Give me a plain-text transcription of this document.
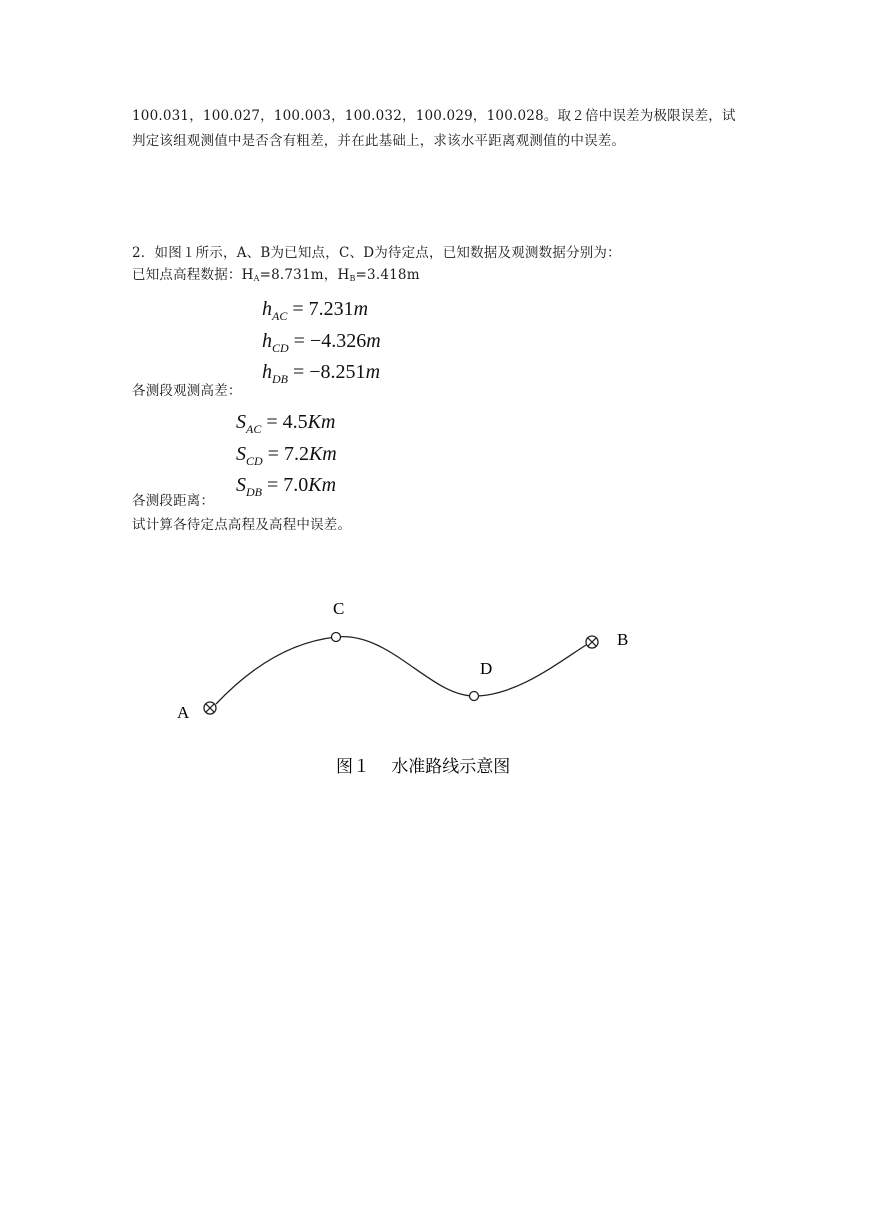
100.031，100.027，100.003，100.032，100.029，100.028。取２倍中误差为极限误差，试
判定该组观测值中是否含有粗差，并在此基础上，求该水平距离观测值的中误差。
2．如图１所示，A、B为已知点，C、D为待定点，已知数据及观测数据分别为：
已知点高程数据：$H_A=8.731m$，$H_B=3.418m$
$h_{AC} = 7.231m$
$h_{CD} = -4.326m$
$h_{DB} = -8.251m$
各测段观测高差：
$S_{AC} = 4.5Km$
$S_{CD} = 7.2Km$
$S_{DB} = 7.0Km$
各测段距离：
试计算各待定点高程及高程中误差。
A
B
C
D
图１     水准路线示意图
